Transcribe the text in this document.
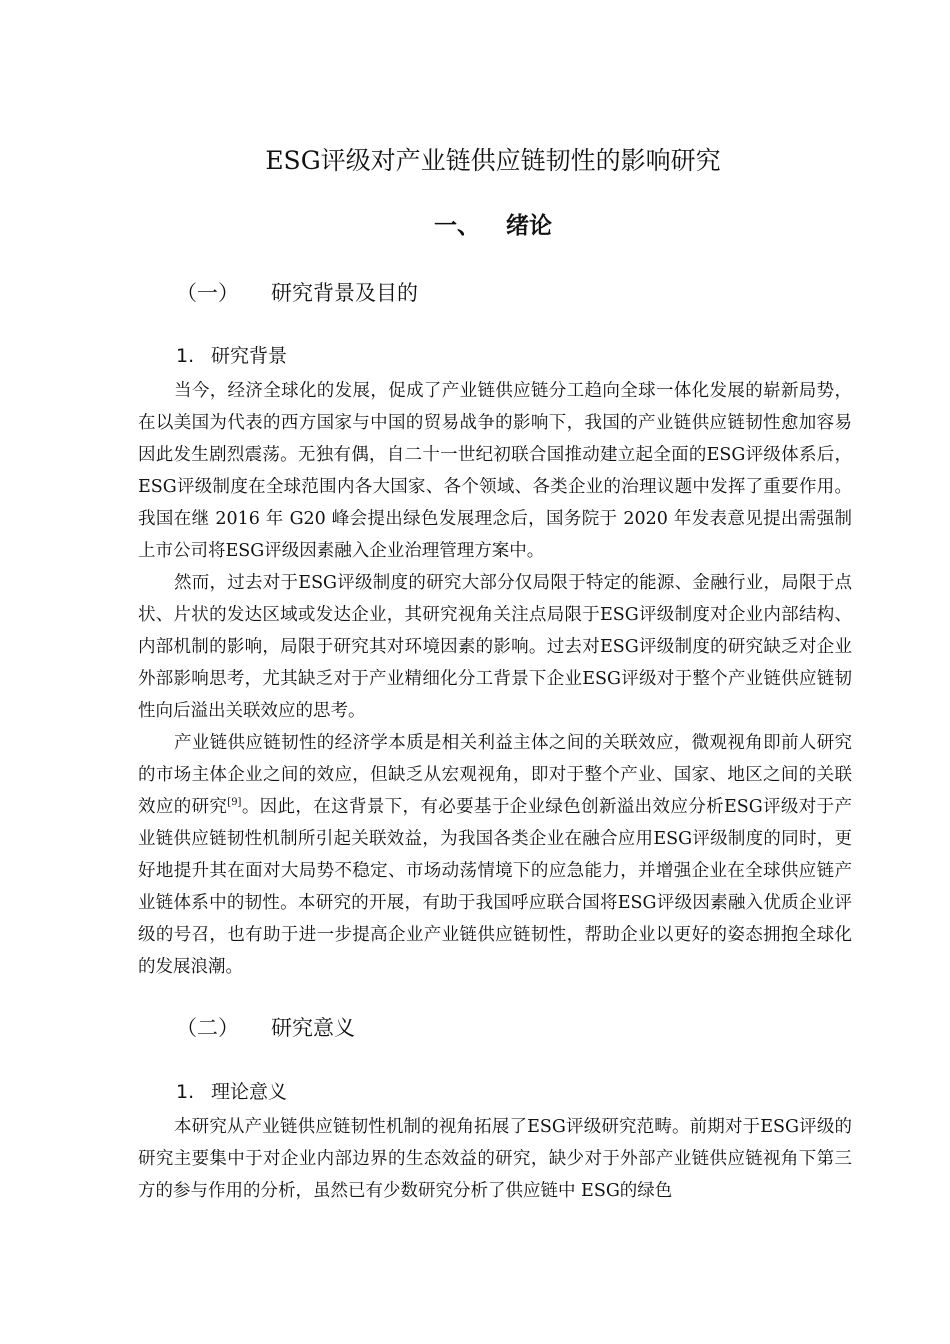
ESG评级对产业链供应链韧性的影响研究
一、 绪论
（一） 研究背景及目的
1. 研究背景

当今，经济全球化的发展，促成了产业链供应链分工趋向全球一体化发展的崭新局势，在以美国为代表的西方国家与中国的贸易战争的影响下，我国的产业链供应链韧性愈加容易因此发生剧烈震荡。无独有偶，自二十一世纪初联合国推动建立起全面的ESG评级体系后，ESG评级制度在全球范围内各大国家、各个领域、各类企业的治理议题中发挥了重要作用。我国在继 2016 年 G20 峰会提出绿色发展理念后，国务院于 2020 年发表意见提出需强制上市公司将ESG评级因素融入企业治理管理方案中。

然而，过去对于ESG评级制度的研究大部分仅局限于特定的能源、金融行业，局限于点状、片状的发达区域或发达企业，其研究视角关注点局限于ESG评级制度对企业内部结构、内部机制的影响，局限于研究其对环境因素的影响。过去对ESG评级制度的研究缺乏对企业外部影响思考，尤其缺乏对于产业精细化分工背景下企业ESG评级对于整个产业链供应链韧性向后溢出关联效应的思考。

产业链供应链韧性的经济学本质是相关利益主体之间的关联效应，微观视角即前人研究的市场主体企业之间的效应，但缺乏从宏观视角，即对于整个产业、国家、地区之间的关联效应的研究[9]。因此，在这背景下，有必要基于企业绿色创新溢出效应分析ESG评级对于产业链供应链韧性机制所引起关联效益，为我国各类企业在融合应用ESG评级制度的同时，更好地提升其在面对大局势不稳定、市场动荡情境下的应急能力，并增强企业在全球供应链产业链体系中的韧性。本研究的开展，有助于我国呼应联合国将ESG评级因素融入优质企业评级的号召，也有助于进一步提高企业产业链供应链韧性，帮助企业以更好的姿态拥抱全球化的发展浪潮。

（二） 研究意义
1. 理论意义

本研究从产业链供应链韧性机制的视角拓展了ESG评级研究范畴。前期对于ESG评级的研究主要集中于对企业内部边界的生态效益的研究，缺少对于外部产业链供应链视角下第三方的参与作用的分析，虽然已有少数研究分析了供应链中 ESG的绿色
